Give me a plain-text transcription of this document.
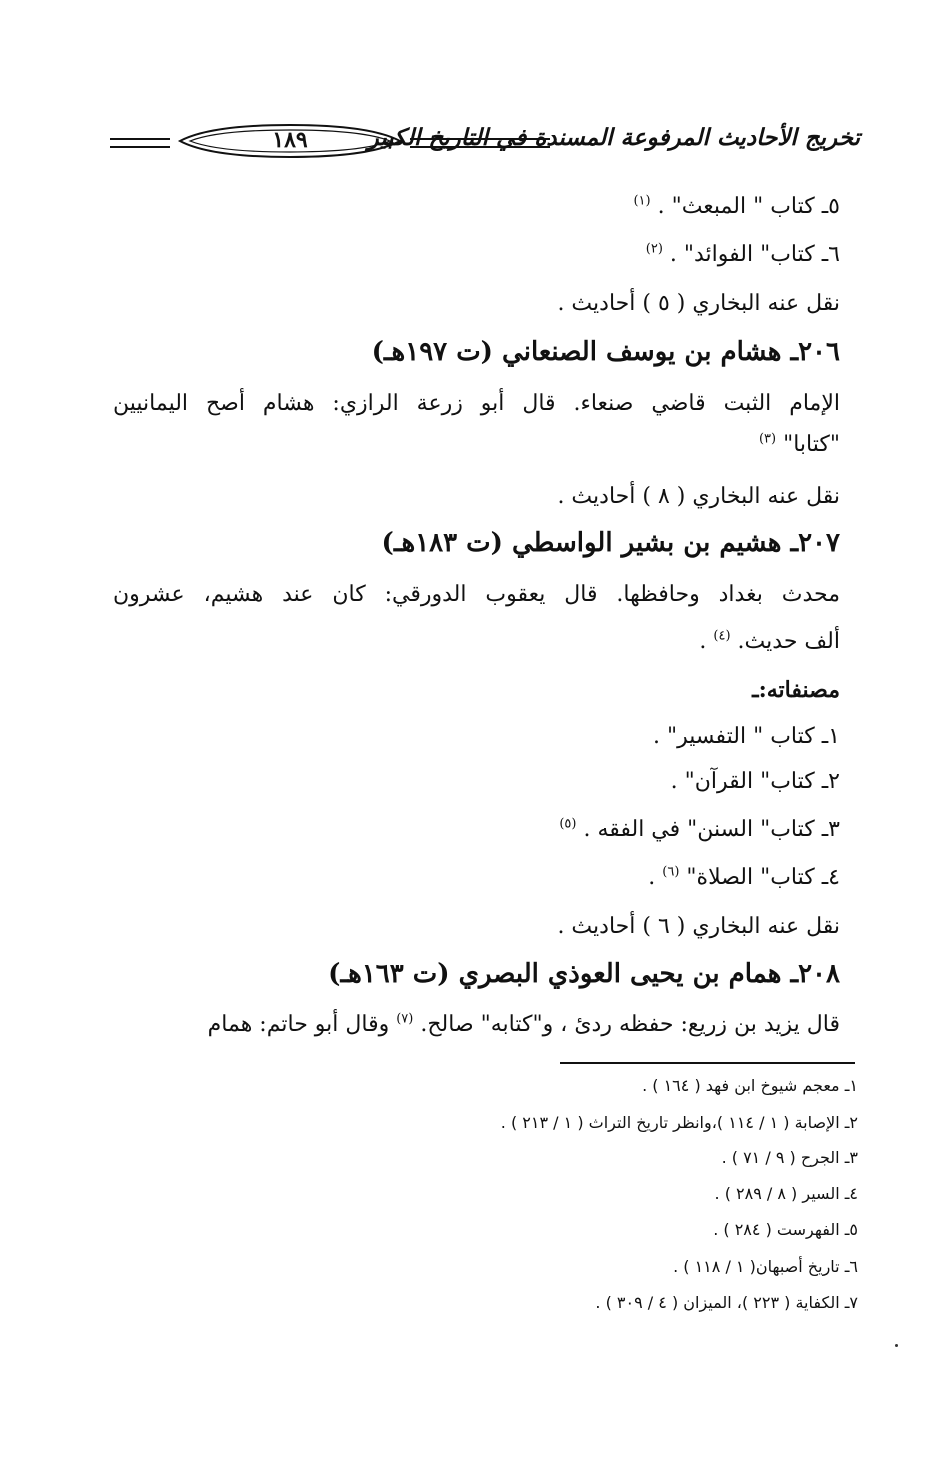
١٨٩	تخريج الأحاديث المرفوعة المسندة في التاريخ الكبير
٥ـ كتاب " المبعث" . $^{(١)}$
٦ـ كتاب" الفوائد" . $^{(٢)}$
نقل عنه البخاري ( ٥ ) أحاديث .
٢٠٦ـ هشام بن يوسف الصنعاني (ت ١٩٧هـ)
الإمام الثبت قاضي صنعاء. قال أبو زرعة الرازي: هشام أصح اليمانيين
"كتابا" $^{(٣)}$
نقل عنه البخاري ( ٨ ) أحاديث .
٢٠٧ـ هشيم بن بشير الواسطي (ت ١٨٣هـ)
محدث بغداد وحافظها. قال يعقوب الدورقي: كان عند هشيم، عشرون
ألف حديث. $^{(٤)}$ .
مصنفاته:ـ
١ـ كتاب " التفسير" .
٢ـ كتاب" القرآن" .
٣ـ كتاب" السنن" في الفقه . $^{(٥)}$
٤ـ كتاب" الصلاة" $^{(٦)}$ .
نقل عنه البخاري ( ٦ ) أحاديث .
٢٠٨ـ همام بن يحيى العوذي البصري (ت ١٦٣هـ)
قال يزيد بن زريع: حفظه ردئ ، و"كتابه" صالح. $^{(٧)}$ وقال أبو حاتم: همام
١ـ معجم شيوخ ابن فهد ( ١٦٤ ) .
٢ـ الإصابة ( ١ / ١١٤ )،وانظر تاريخ التراث ( ١ / ٢١٣ ) .
٣ـ الجرح ( ٩ / ٧١ ) .
٤ـ السير ( ٨ / ٢٨٩ ) .
٥ـ الفهرست ( ٢٨٤ ) .
٦ـ تاريخ أصبهان( ١ / ١١٨ ) .
٧ـ الكفاية ( ٢٢٣ )، الميزان ( ٤ / ٣٠٩ ) .
